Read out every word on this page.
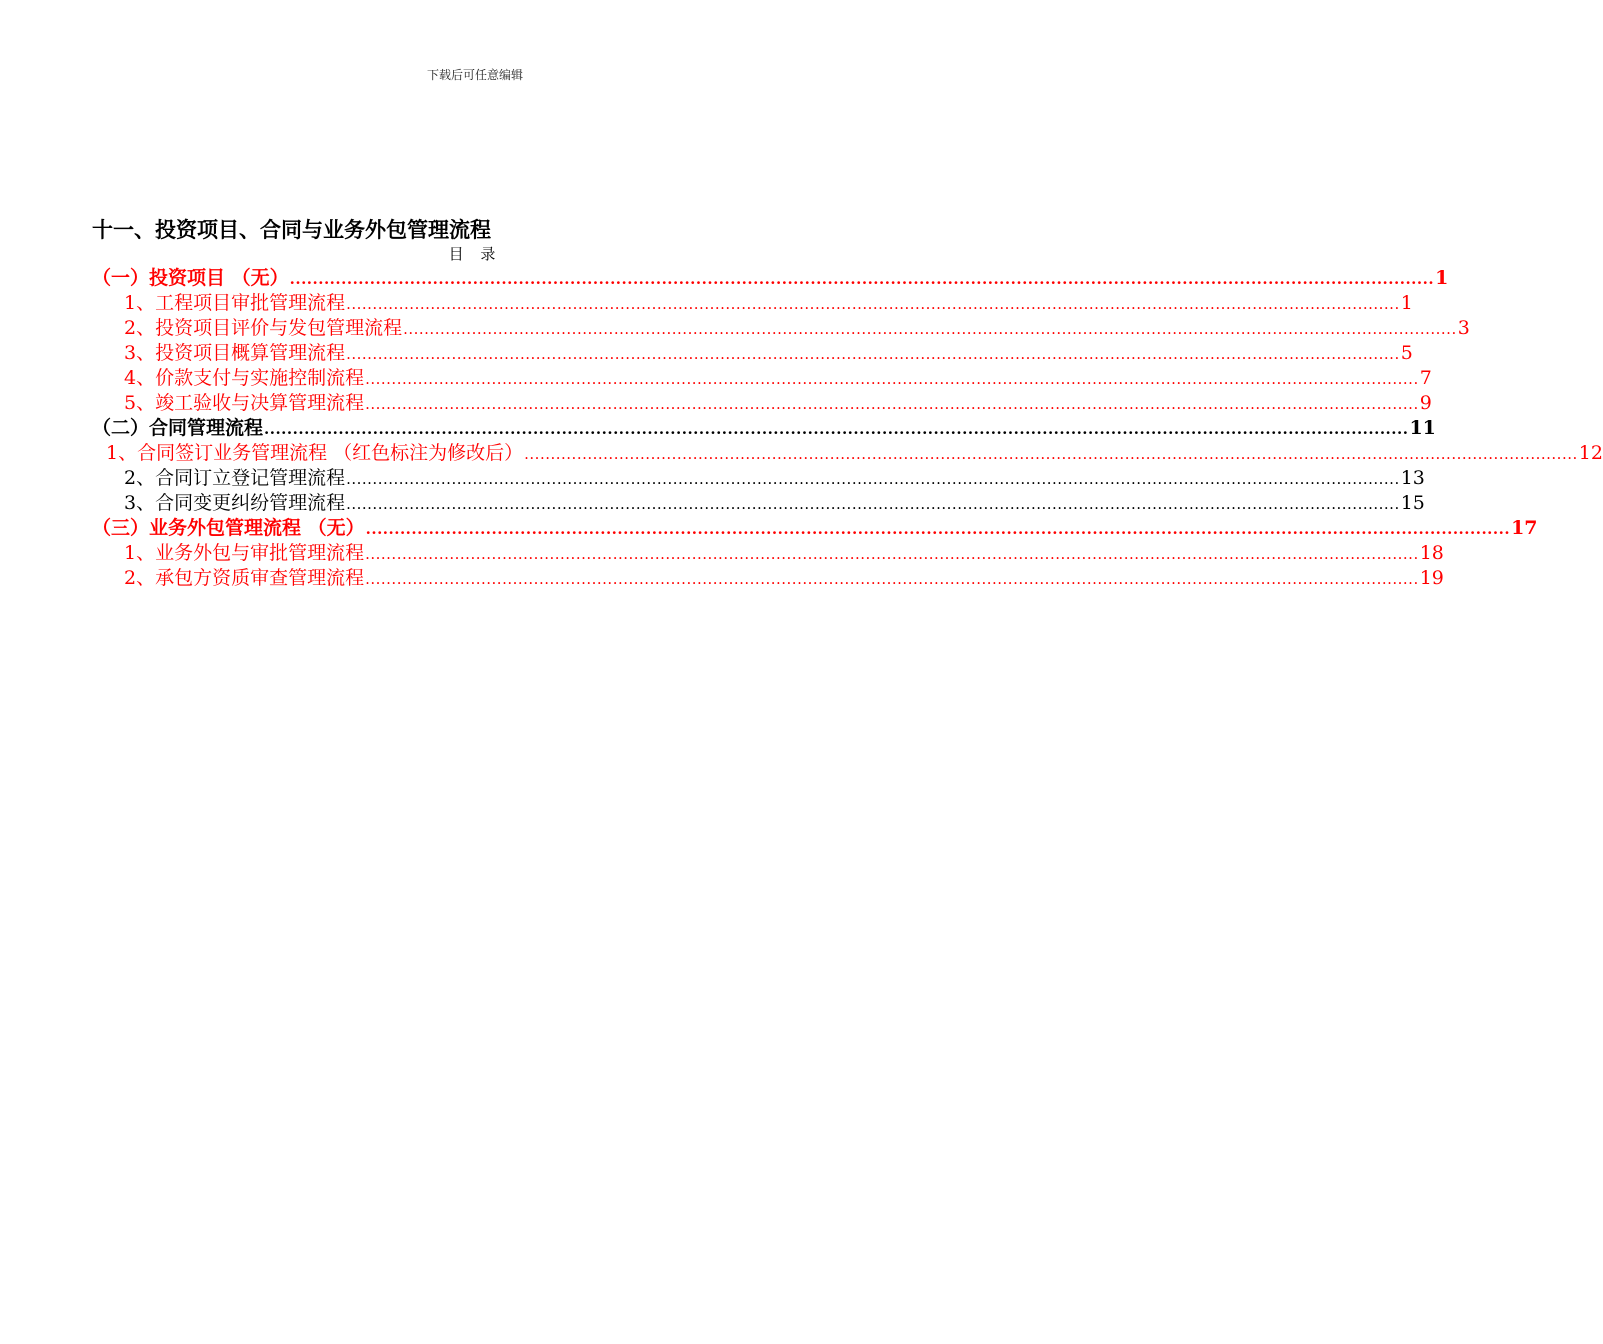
下载后可任意编辑
十一、投资项目、合同与业务外包管理流程
目 录
（一）投资项目 （无） ........................................................................................................................................................................................................ 1
1、工程项目审批管理流程 ........................................................................................................................................................................................................ 1
2、投资项目评价与发包管理流程 ........................................................................................................................................................................................................ 3
3、投资项目概算管理流程 ........................................................................................................................................................................................................ 5
4、价款支付与实施控制流程 ........................................................................................................................................................................................................ 7
5、竣工验收与决算管理流程 ........................................................................................................................................................................................................ 9
（二）合同管理流程 ........................................................................................................................................................................................................ 11
1、合同签订业务管理流程 （红色标注为修改后） ........................................................................................................................................................................................................ 12
2、合同订立登记管理流程 ........................................................................................................................................................................................................ 13
3、合同变更纠纷管理流程 ........................................................................................................................................................................................................ 15
（三）业务外包管理流程 （无） ........................................................................................................................................................................................................ 17
1、业务外包与审批管理流程 ........................................................................................................................................................................................................ 18
2、承包方资质审查管理流程 ........................................................................................................................................................................................................ 19
